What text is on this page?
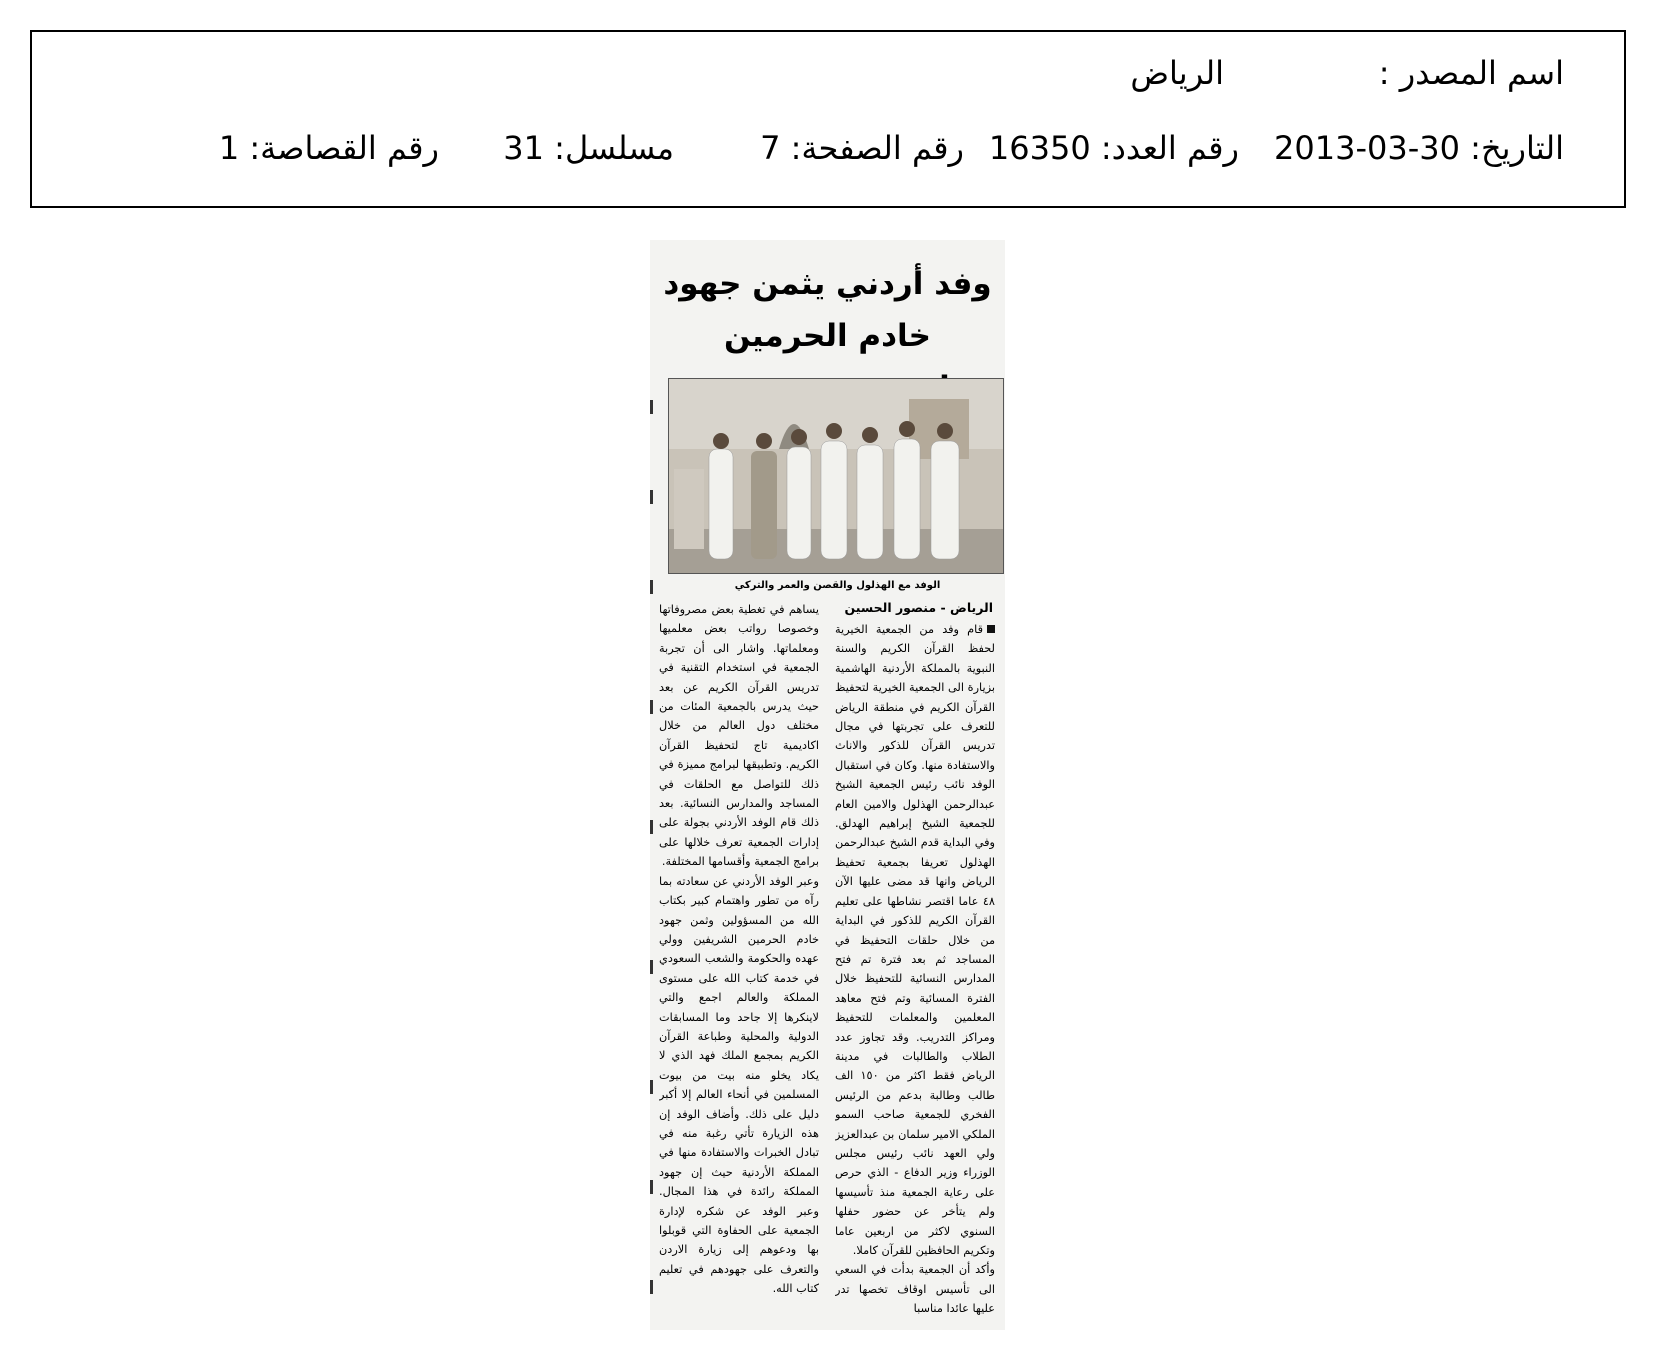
اسم المصدر :
الرياض
التاريخ: 30-03-2013
رقم العدد: 16350
رقم الصفحة: 7
مسلسل: 31
رقم القصاصة: 1
وفد أردني يثمن جهود خادم الحرمين
الوفد مع الهذلول والقصن والعمر والتركي
الرياض - منصور الحسين

قام وفد من الجمعية الخيرية لحفظ القرآن الكريم والسنة النبوية بالمملكة الأردنية الهاشمية بزيارة الى الجمعية الخيرية لتحفيظ القرآن الكريم في منطقة الرياض للتعرف على تجربتها في مجال تدريس القرآن للذكور والاناث والاستفادة منها. وكان في استقبال الوفد نائب رئيس الجمعية الشيخ عبدالرحمن الهذلول والامين العام للجمعية الشيخ إبراهيم الهدلق. وفي البداية قدم الشيخ عبدالرحمن الهذلول تعريفا بجمعية تحفيظ الرياض وانها قد مضى عليها الآن ٤٨ عاما اقتصر نشاطها على تعليم القرآن الكريم للذكور في البداية من خلال حلقات التحفيظ في المساجد ثم بعد فترة تم فتح المدارس النسائية للتحفيظ خلال الفترة المسائية وتم فتح معاهد المعلمين والمعلمات للتحفيظ ومراكز التدريب. وقد تجاوز عدد الطلاب والطالبات في مدينة الرياض فقط اكثر من ١٥٠ الف طالب وطالبة بدعم من الرئيس الفخري للجمعية صاحب السمو الملكي الامير سلمان بن عبدالعزيز ولي العهد نائب رئيس مجلس الوزراء وزير الدفاع - الذي حرص على رعاية الجمعية منذ تأسيسها ولم يتأخر عن حضور حفلها السنوي لاكثر من اربعين عاما وتكريم الحافظين للقرآن كاملا.

وأكد أن الجمعية بدأت في السعي الى تأسيس اوقاف تخصها تدر عليها عائدا مناسبا

يساهم في تغطية بعض مصروفاتها وخصوصا رواتب بعض معلميها ومعلماتها. واشار الى أن تجربة الجمعية في استخدام التقنية في تدريس القرآن الكريم عن بعد حيث يدرس بالجمعية المئات من مختلف دول العالم من خلال اكاديمية تاج لتحفيظ القرآن الكريم. وتطبيقها لبرامج مميزة في ذلك للتواصل مع الحلقات في المساجد والمدارس النسائية. بعد ذلك قام الوفد الأردني بجولة على إدارات الجمعية تعرف خلالها على برامج الجمعية وأقسامها المختلفة.

وعبر الوفد الأردني عن سعادته بما رآه من تطور واهتمام كبير بكتاب الله من المسؤولين وثمن جهود خادم الحرمين الشريفين وولي عهده والحكومة والشعب السعودي في خدمة كتاب الله على مستوى المملكة والعالم اجمع والتي لاينكرها إلا جاحد وما المسابقات الدولية والمحلية وطباعة القرآن الكريم بمجمع الملك فهد الذي لا يكاد يخلو منه بيت من بيوت المسلمين في أنحاء العالم إلا أكبر دليل على ذلك. وأضاف الوفد إن هذه الزيارة تأتي رغبة منه في تبادل الخبرات والاستفادة منها في المملكة الأردنية حيث إن جهود المملكة رائدة في هذا المجال. وعبر الوفد عن شكره لإدارة الجمعية على الحفاوة التي قوبلوا بها ودعوهم إلى زيارة الاردن والتعرف على جهودهم في تعليم كتاب الله.
